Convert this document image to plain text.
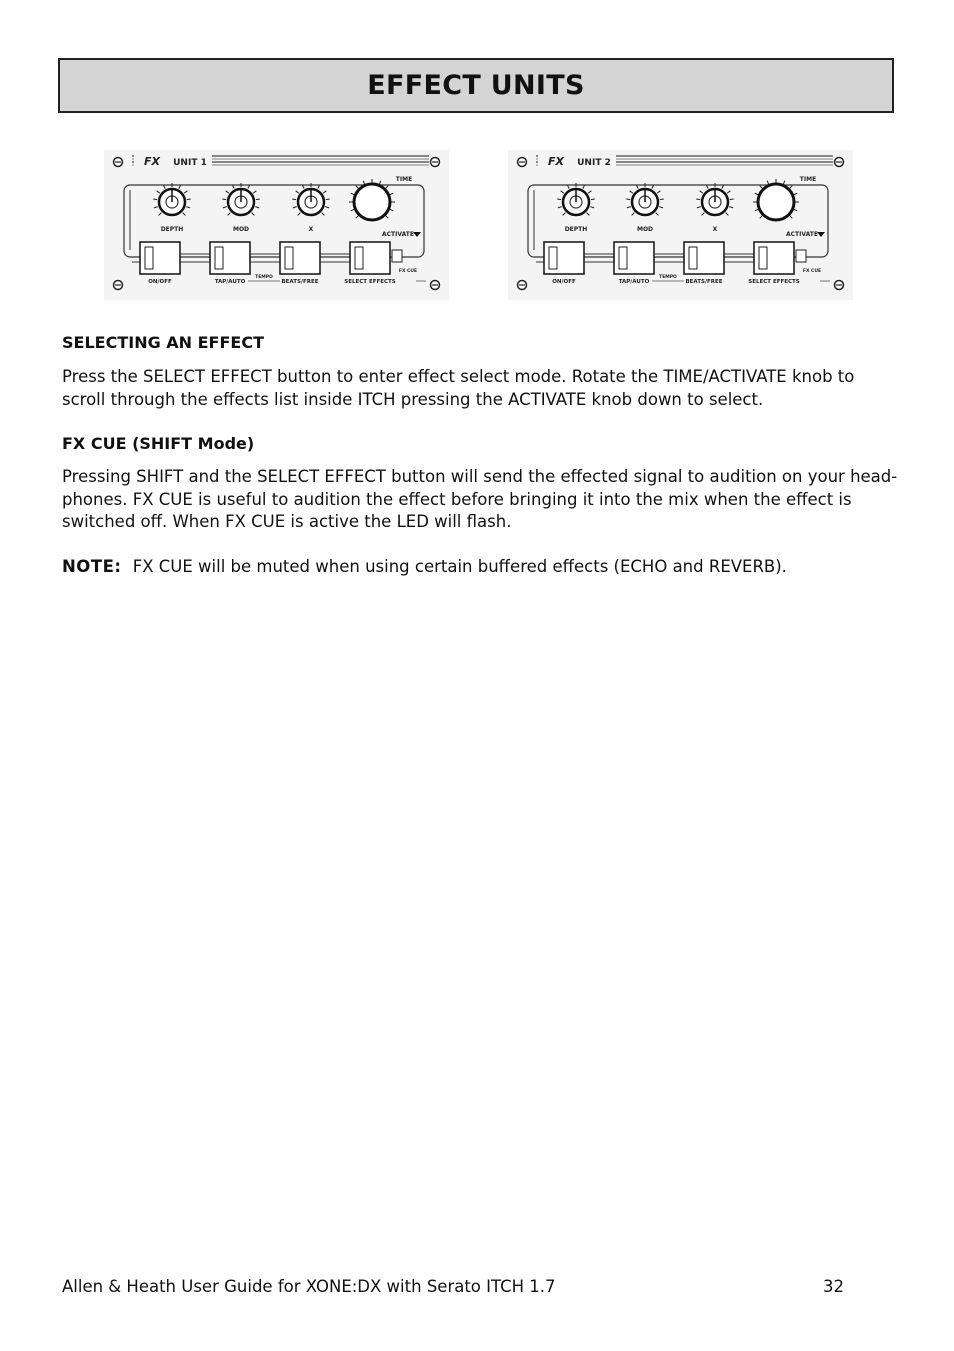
EFFECT UNITS
FX UNIT 1
DEPTH	MOD	X
TIME
ACTIVATE
ON/OFF	TAP/AUTO	BEATS/FREE	SELECT EFFECTS
TEMPO
FX CUE
FX UNIT 2
DEPTH	MOD	X
TIME
ACTIVATE
ON/OFF	TAP/AUTO	BEATS/FREE	SELECT EFFECTS
TEMPO
FX CUE
SELECTING AN EFFECT

Press the SELECT EFFECT button to enter effect select mode. Rotate the TIME/ACTIVATE knob to scroll through the effects list inside ITCH pressing the ACTIVATE knob down to select.

FX CUE (SHIFT Mode)

Pressing SHIFT and the SELECT EFFECT button will send the effected signal to audition on your head-phones. FX CUE is useful to audition the effect before bringing it into the mix when the effect is switched off. When FX CUE is active the LED will flash.

NOTE: FX CUE will be muted when using certain buffered effects (ECHO and REVERB).

Allen & Heath User Guide for XONE:DX with Serato ITCH 1.7	32
